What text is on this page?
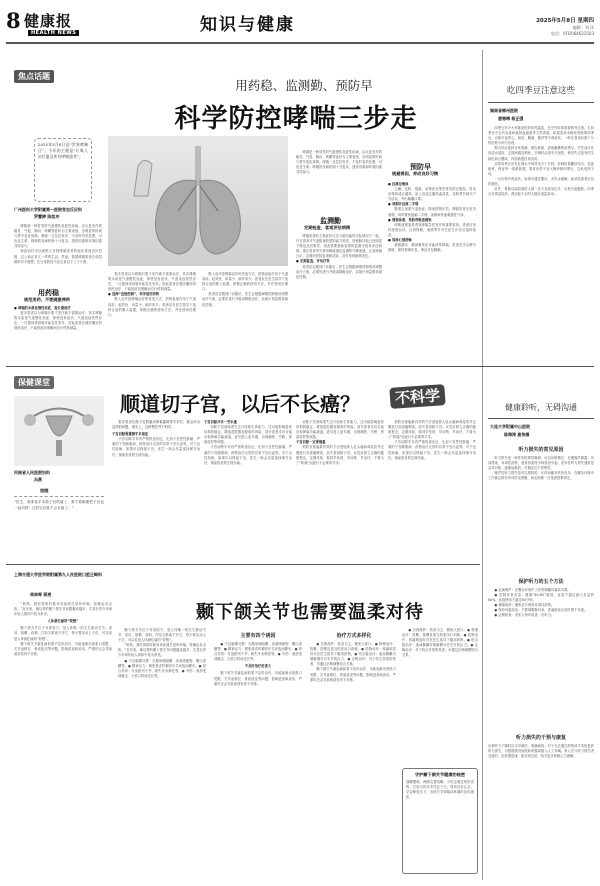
8 健康报
HEALTH NEWS	知识与健康	2025年5月8日 星期四
编辑：刘 洋
电话：(010)64621503
焦点话题
用药稳、监测勤、预防早
科学防控哮喘三步走
2025年5月6日是“世界哮喘日”，今年的主题是“让吸入治疗惠及所有哮喘患者”。
广州医科大学附属第一医院变态反应科
罗慧婷 陈如冲

哮喘是一种常见的气道慢性炎症性疾病，以反复发作的喘息、气促、胸闷、咳嗽等症状为主要表现，呈明显的时间与季节变化规律。哮喘一旦急性发作，不及时有效处置，可危及生命。哮喘的发病机制十分复杂，遗传因素和环境因素共同参与。

规范治疗可以使绝大多数哮喘患者的症状得到良好控制，过上和正常人一样的生活。然而，我国哮喘患者总体控制率仍不理想，在日常防控中应注意以下三个方面。

用药稳
规范用药，不要随意停药
● 哮喘的本质是慢性炎症，需长期治疗

很多患者以为哮喘只要不发作就不需要治疗，其实哮喘的本质是气道慢性炎症，即使没有症状，气道炎症依然存在，一旦遇到诱因就可能急性发作。因此患者应遵医嘱坚持规范治疗，不能因症状缓解而自行停药减量。

很多患者以为哮喘只要不发作就不需要治疗，其实哮喘的本质是气道慢性炎症，即使没有症状，气道炎症依然存在，一旦遇到诱因就可能急性发作。因此患者应遵医嘱坚持规范治疗，不能因症状缓解而自行停药减量。

● 选择“直接控制”，科学使用药物

吸入治疗是哮喘治疗的首选方式，药物直接作用于气道局部，起效快、用量小、副作用少。患者应在医生指导下选择合适的吸入装置，掌握正确的使用方法，并在使用后漱口。

吸入治疗是哮喘治疗的首选方式，药物直接作用于气道局部，起效快、用量小、副作用少。患者应在医生指导下选择合适的吸入装置，掌握正确的使用方法，并在使用后漱口。

患者应定期到门诊随访，医生会根据病情控制情况调整治疗方案，必要时进行升级或降级治疗，以最小剂量维持最佳控制。

哮喘是一种常见的气道慢性炎症性疾病，以反复发作的喘息、气促、胸闷、咳嗽等症状为主要表现，呈明显的时间与季节变化规律。哮喘一旦急性发作，不及时有效处置，可危及生命。哮喘的发病机制十分复杂，遗传因素和环境因素共同参与。

监测勤
定期检查，客观评估病情

哮喘患者的主观症状往往与肺功能的实际情况不一致。许多患者对气道阻塞的感知能力较差，即使肺功能已经明显下降也没有察觉。因此需要借助客观的监测手段来评估病情。建议患者每天使用峰流速仪监测呼气峰流速，记录哮喘日记，定期到医院复查肺功能，及时发现病情变化。

● 定期复查，评估疗效

患者应定期到门诊随访，医生会根据病情控制情况调整治疗方案，必要时进行升级或降级治疗，以最小剂量维持最佳控制。

预防早
规避诱因，养成良好习惯
● 远离过敏原

尘螨、花粉、霉菌、动物皮毛等是常见的过敏原。居室应保持清洁通风，床上用品定期高温清洗，花粉季节减少户外活动，外出佩戴口罩。

● 戒烟并远离二手烟

吸烟会加重气道炎症，降低药物疗效。哮喘患者应坚决戒烟，同时避免接触二手烟、油烟和其他刺激性气体。

● 增强体质，预防呼吸道感染

呼吸道感染是诱发哮喘急性发作的重要原因。患者应坚持适度运动，注意保暖，流感季节可在医生评估后接种疫苗。

● 保持心情舒畅

情绪激动、精神紧张也可能诱发哮喘。患者应学会调节情绪，保持规律作息，保证充足睡眠。

吃四季豆注意这些
湖南省郴州医院
唐寒梅 杨正强

四季豆作为大家都爱吃的常见蔬菜，在烹饪时却需要格外注意。生四季豆中含有皂素和植物血凝素等天然毒素，如果食用未彻底煮熟的四季豆，可能引起恶心、呕吐、腹痛、腹泻等中毒症状，一般在食用后数十分钟至数小时内出现。

购买时应选择豆荚饱满、颜色鲜绿、质地脆嫩的四季豆。烹饪前可先用清水浸泡，去除两端及筋丝。烹调时必须充分加热，使其失去原有的生绿色和豆腥味，内部熟透后再食用。

凉拌四季豆应先在沸水中焯烫至少十分钟；炒制时要翻炒均匀，加盖焖煮，保证每一根都熟透。集体食堂不宜大锅炒制四季豆，以免受热不均。

一旦出现中毒症状，轻者可通过催吐、多饮水缓解，症状较重者应及时就医。

此外，胃肠功能较弱的人群一次不宜食用过多，以免引起腹胀。四季豆含钾量较高，肾功能不全的人群应适量食用。

保健课堂
河南省人民医院妇科
冯燕
提醒
“医生，我准备手术做子宫肌瘤了，要不要顺便把子宫也一起切掉？这样以后就不会长癌了。”
顺道切子宫，以后不长癌？	不科学

很多患者在做子宫肌瘤或卵巢囊肿等手术时，都会问出这样的问题。事实上，这种想法并不科学。

子宫切除要遵循手术指征

子宫切除手术有严格的适应证，比如子宫恶性肿瘤、严重的子宫腺肌病、药物治疗无效的异常子宫出血等。对于良性疾病，如果可以保留子宫，医生一般会尽量选择保守治疗，保留患者的生理功能。

子宫切除并非一劳永逸

切除子宫意味着失去月经和生育能力，还可能影响盆底结构的稳定，增加盆腔器官脱垂的风险。部分患者术后可能出现卵巢功能减退，更早进入更年期，出现潮热、失眠、骨质疏松等问题。

子宫切除手术有严格的适应证，比如子宫恶性肿瘤、严重的子宫腺肌病、药物治疗无效的异常子宫出血等。对于良性疾病，如果可以保留子宫，医生一般会尽量选择保守治疗，保留患者的生理功能。

切除子宫意味着失去月经和生育能力，还可能影响盆底结构的稳定，增加盆腔器官脱垂的风险。部分患者术后可能出现卵巢功能减退，更早进入更年期，出现潮热、失眠、骨质疏松等问题。

子宫切除一定要慎重

预防宫颈癌最有效的方法是接种人乳头瘤病毒疫苗并定期进行宫颈癌筛查，而不是切除子宫。女性应树立正确的健康观念，定期体检，做到早发现、早诊断、早治疗，不要为了“防癌”而进行不必要的手术。

预防宫颈癌最有效的方法是接种人乳头瘤病毒疫苗并定期进行宫颈癌筛查，而不是切除子宫。女性应树立正确的健康观念，定期体检，做到早发现、早诊断、早治疗，不要为了“防癌”而进行不必要的手术。

子宫切除手术有严格的适应证，比如子宫恶性肿瘤、严重的子宫腺肌病、药物治疗无效的异常子宫出血等。对于良性疾病，如果可以保留子宫，医生一般会尽量选择保守治疗，保留患者的生理功能。

健康聆听，无碍沟通
大连大学附属中山医院
陈海涛 鹿伟娜
听力损失的常见原因

听力损失是一种常见的感觉障碍，可由年龄增长、长期噪声暴露、耳部感染、耳毒性药物、遗传因素等多种原因引起。老年性听力损失通常是双耳对称、逐渐加重的，早期往往不易察觉。

噪声性听力损失是可以预防的。长时间戴耳机听音乐、在嘈杂环境中工作都会损伤内耳的毛细胞，而毛细胞一旦受损很难再生。

保护听力的五个方法

● 远离噪声：在嘈杂环境中工作时佩戴耳塞或耳罩。

● 控制耳机音量：遵循“60-60”原则，音量不超过最大音量的60%，连续使用不超过60分钟。

● 谨慎用药：避免自行使用耳毒性药物。

● 保持耳道清洁：不要频繁掏耳朵，洗澡游泳后及时擦干耳道。

● 定期检查：老年人每年检查一次听力。

听力损失的干预与康复
出现听力下降时应尽早就医，明确病因。对于无法通过药物或手术恢复的听力损失，可根据情况验配助听器或植入人工耳蜗。家人在与听力损失者交流时，应放慢语速、面对面交谈，给予更多的耐心与理解。
上海交通大学医学院附属第九人民医院口腔正畸科
周林晖 蒋亮
颞下颌关节也需要温柔对待

“妈妈，我吃饭的时候耳朵前面总是咔咔响，张嘴也有点疼。”近年来，像这样的颞下颌关节问题越来越多，尤其在青少年和年轻人群体中较为常见。

人体最忙碌的“铰链”

颞下颌关节位于耳屏前方，是人体唯一的左右联动关节，说话、咀嚼、吞咽、打哈欠都离不开它，每天要活动上千次，可以说是人体最忙碌的“铰链”。

颞下颌关节紊乱病如果不及时治疗，可能逐渐出现张口受限、关节盘移位、骨质改变等问题，影响进食和说话，严重时还会导致面部发育不对称。

颞下颌关节位于耳屏前方，是人体唯一的左右联动关节，说话、咀嚼、吞咽、打哈欠都离不开它，每天要活动上千次，可以说是人体最忙碌的“铰链”。

“妈妈，我吃饭的时候耳朵前面总是咔咔响，张嘴也有点疼。”近年来，像这样的颞下颌关节问题越来越多，尤其在青少年和年轻人群体中较为常见。

● 不良咀嚼习惯：长期单侧咀嚼、喜欢啃硬物、嚼口香糖等。● 精神压力：紧张焦虑时紧咬牙关或夜间磨牙。● 咬合异常：牙齿排列不齐、缺失牙未修复等。● 外伤：面部受到撞击、大张口时间过长等。

主要有四个诱因

● 不良咀嚼习惯：长期单侧咀嚼、喜欢啃硬物、嚼口香糖等。● 精神压力：紧张焦虑时紧咬牙关或夜间磨牙。● 咬合异常：牙齿排列不齐、缺失牙未修复等。● 外伤：面部受到撞击、大张口时间过长等。

不及时治疗危害大

颞下颌关节紊乱病如果不及时治疗，可能逐渐出现张口受限、关节盘移位、骨质改变等问题，影响进食和说话，严重时还会导致面部发育不对称。

治疗方式多样化

● 自我保护：软食为主，避免大张口。● 物理治疗：热敷、按摩及适当的张闭口训练。● 药物治疗：疼痛明显时可在医生指导下服用药物。● 咬合板治疗：夜间佩戴可缓解磨牙对关节的压力。● 正畸治疗：对于咬合异常的患者，可通过正畸调整咬合关系。

颞下颌关节紊乱病如果不及时治疗，可能逐渐出现张口受限、关节盘移位、骨质改变等问题，影响进食和说话，严重时还会导致面部发育不对称。

● 自我保护：软食为主，避免大张口。● 物理治疗：热敷、按摩及适当的张闭口训练。● 药物治疗：疼痛明显时可在医生指导下服用药物。● 咬合板治疗：夜间佩戴可缓解磨牙对关节的压力。● 正畸治疗：对于咬合异常的患者，可通过正畸调整咬合关系。

守护颞下颌关节健康的秘密
细嚼慢咽，两侧交替咀嚼；少吃过硬过韧的食物；打哈欠时用手托住下巴；保持良好心态，学会释放压力；出现关节弹响或疼痛时及时就医。
